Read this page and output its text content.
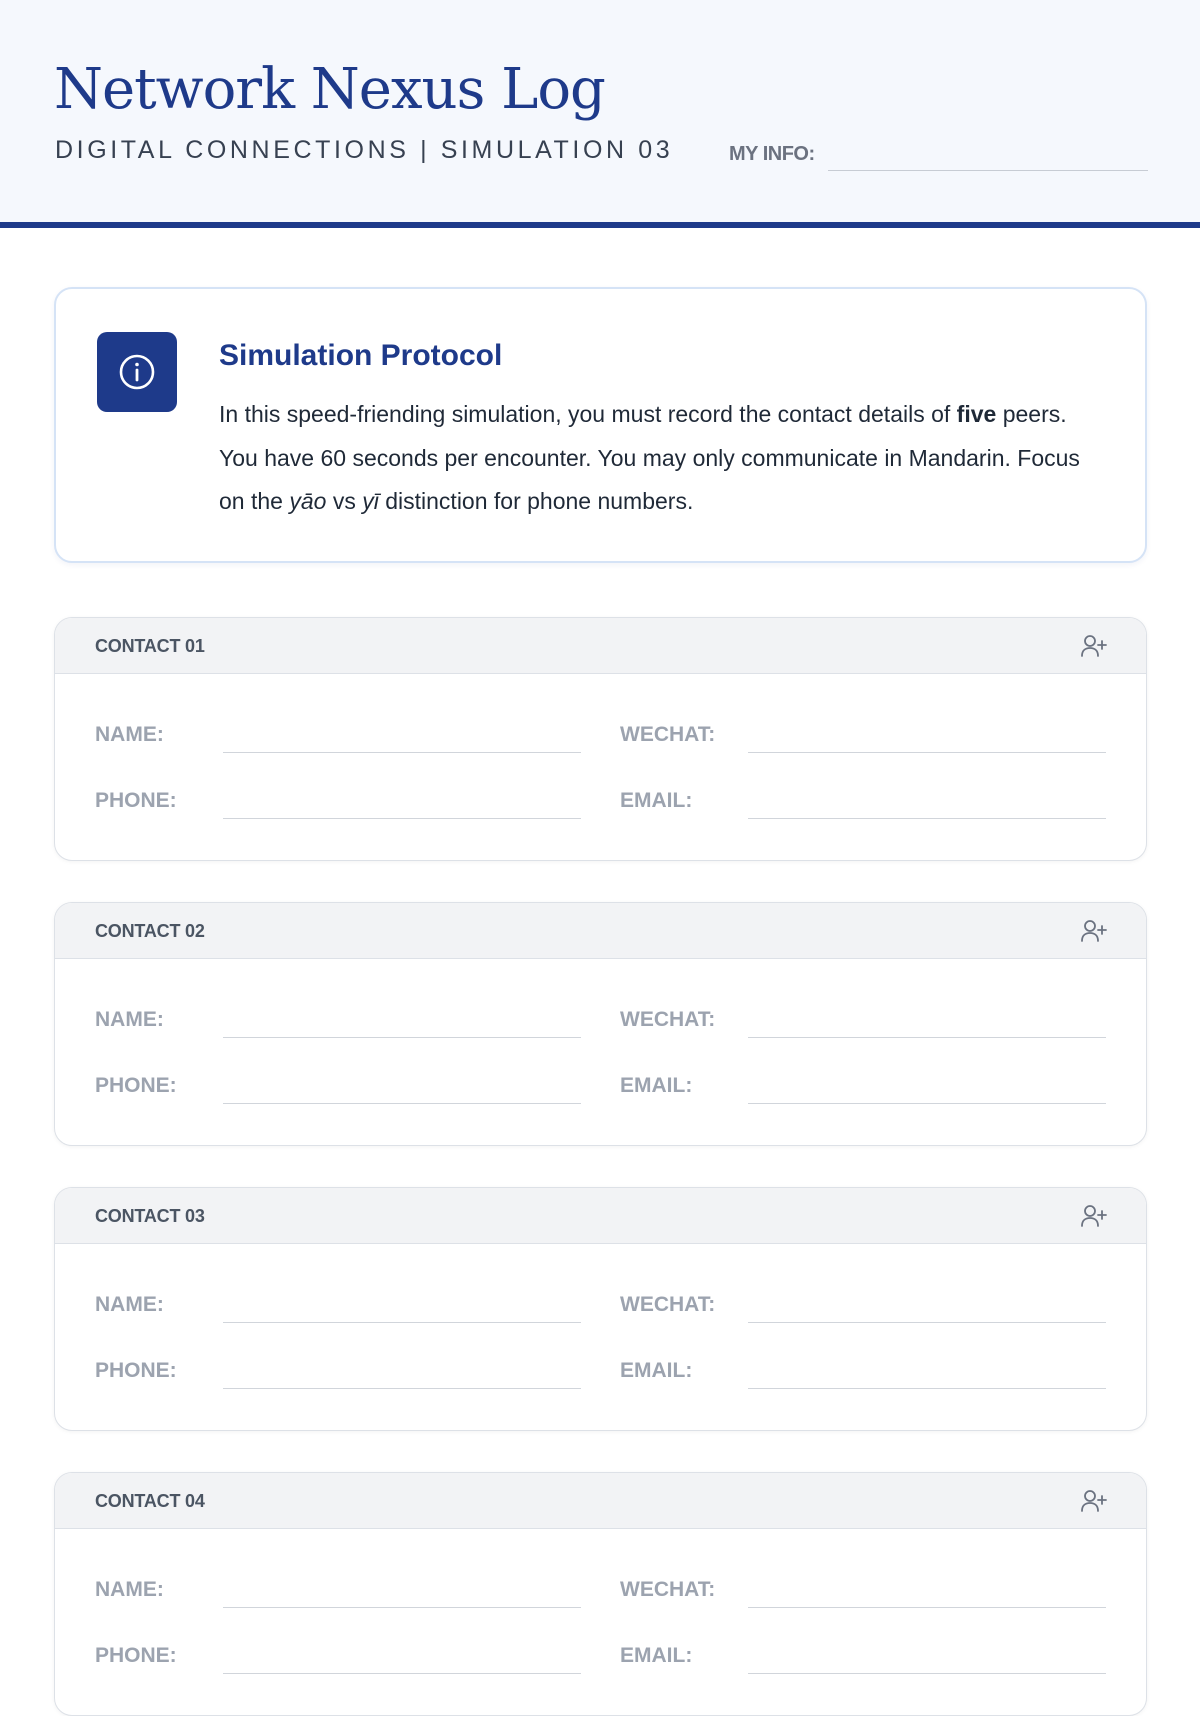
Network Nexus Log
DIGITAL CONNECTIONS | SIMULATION 03	MY INFO:
Simulation Protocol
In this speed-friending simulation, you must record the contact details of five peers. You have 60 seconds per encounter. You may only communicate in Mandarin. Focus on the yāo vs yī distinction for phone numbers.
CONTACT 01
NAME:	WECHAT:
PHONE:	EMAIL:
CONTACT 02
NAME:	WECHAT:
PHONE:	EMAIL:
CONTACT 03
NAME:	WECHAT:
PHONE:	EMAIL:
CONTACT 04
NAME:	WECHAT:
PHONE:	EMAIL:
